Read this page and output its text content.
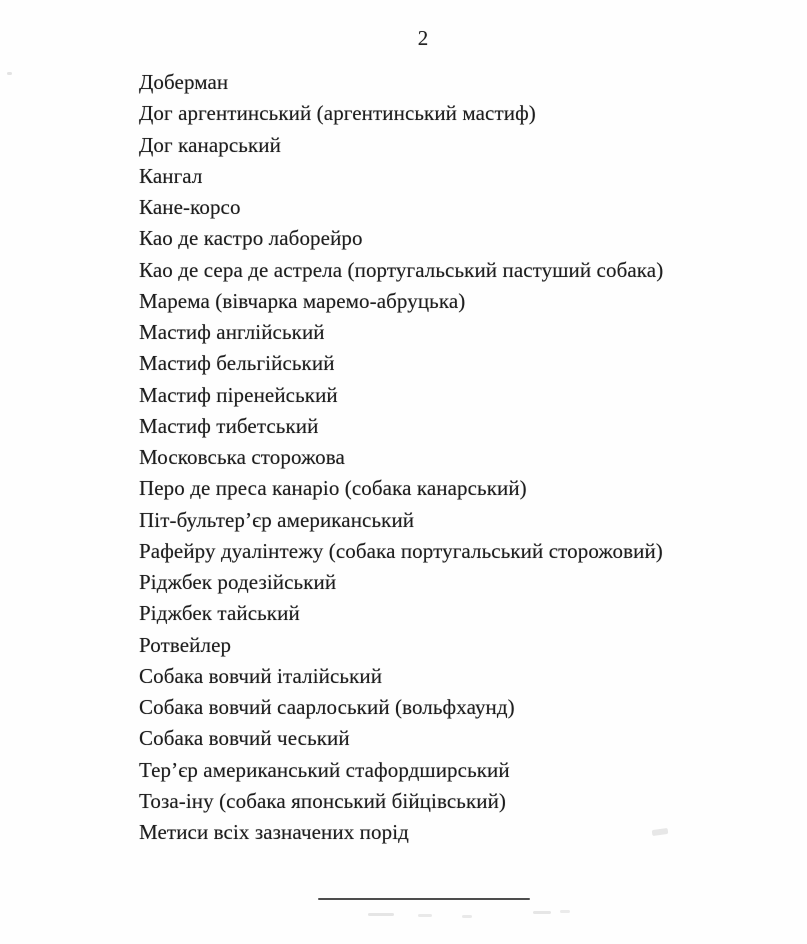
2
Доберман
Дог аргентинський (аргентинський мастиф)
Дог канарський
Кангал
Кане-корсо
Као де кастро лаборейро
Као де сера де астрела (португальський пастуший собака)
Марема (вівчарка маремо-абруцька)
Мастиф англійський
Мастиф бельгійський
Мастиф піренейський
Мастиф тибетський
Московська сторожова
Перо де преса канаріо (собака канарський)
Піт-бультер’єр американський
Рафейру дуалінтежу (собака португальський сторожовий)
Ріджбек родезійський
Ріджбек тайський
Ротвейлер
Собака вовчий італійський
Собака вовчий саарлоський (вольфхаунд)
Собака вовчий чеський
Тер’єр американський стафордширський
Тоза-іну (собака японський бійцівський)
Метиси всіх зазначених порід
